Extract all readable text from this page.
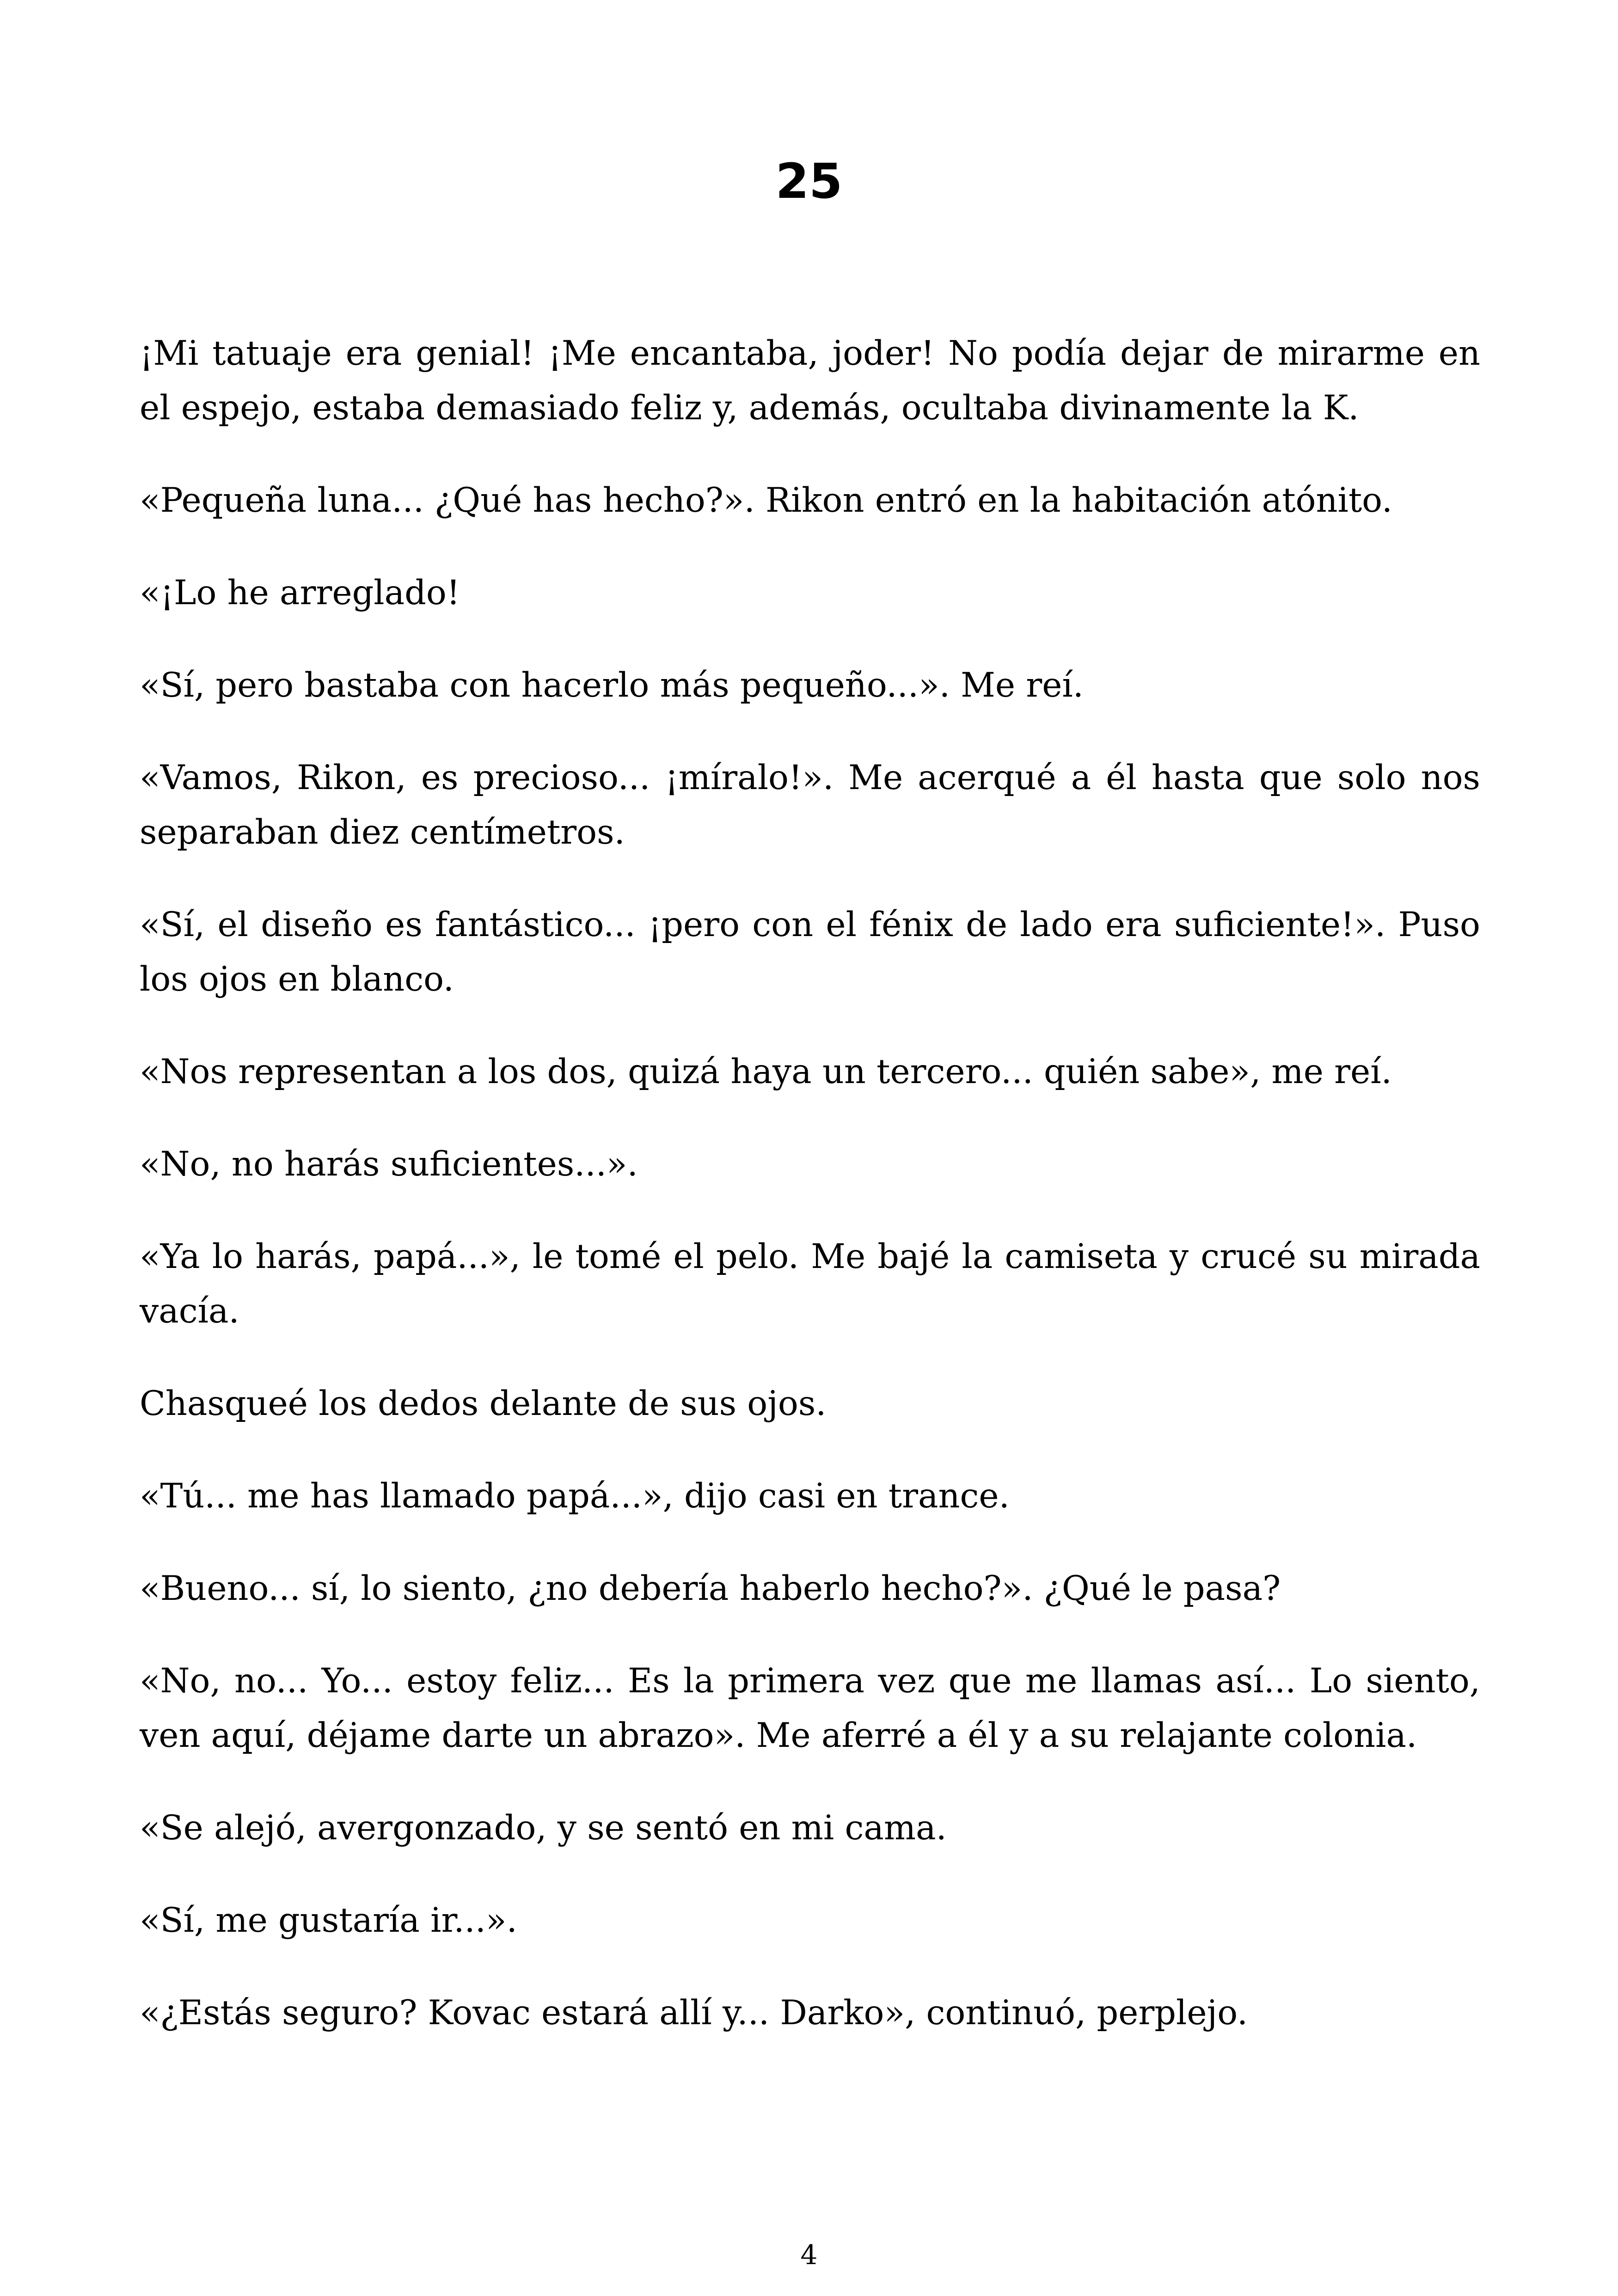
25

¡Mi tatuaje era genial! ¡Me encantaba, joder! No podía dejar de mirarme en el espejo, estaba demasiado feliz y, además, ocultaba divinamente la K.

«Pequeña luna... ¿Qué has hecho?». Rikon entró en la habitación atónito.

«¡Lo he arreglado!

«Sí, pero bastaba con hacerlo más pequeño...». Me reí.

«Vamos, Rikon, es precioso... ¡míralo!». Me acerqué a él hasta que solo nos separaban diez centímetros.

«Sí, el diseño es fantástico... ¡pero con el fénix de lado era suficiente!». Puso los ojos en blanco.

«Nos representan a los dos, quizá haya un tercero... quién sabe», me reí.

«No, no harás suficientes...».

«Ya lo harás, papá...», le tomé el pelo. Me bajé la camiseta y crucé su mirada vacía.

Chasqueé los dedos delante de sus ojos.

«Tú... me has llamado papá...», dijo casi en trance.

«Bueno... sí, lo siento, ¿no debería haberlo hecho?». ¿Qué le pasa?

«No, no... Yo... estoy feliz... Es la primera vez que me llamas así... Lo siento, ven aquí, déjame darte un abrazo». Me aferré a él y a su relajante colonia.

«Se alejó, avergonzado, y se sentó en mi cama.

«Sí, me gustaría ir...».

«¿Estás seguro? Kovac estará allí y... Darko», continuó, perplejo.

4
